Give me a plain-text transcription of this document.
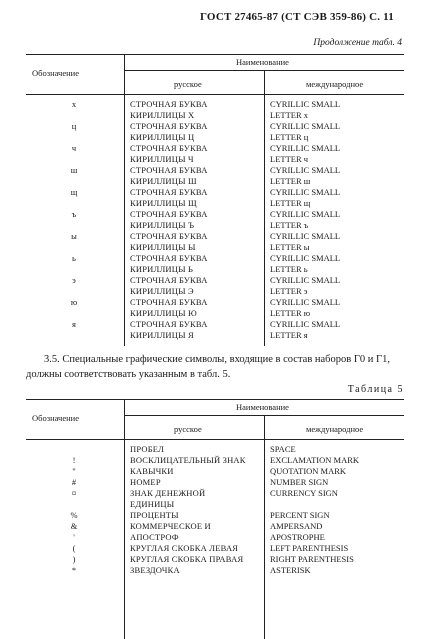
ГОСТ 27465-87 (СТ СЭВ 359-86) С. 11
Продолжение табл. 4
Обозначение
Наименование
русское	международное
х	СТРОЧНАЯ БУКВА	CYRILLIC SMALL
КИРИЛЛИЦЫ Х	LETTER x
ц	СТРОЧНАЯ БУКВА	CYRILLIC SMALL
КИРИЛЛИЦЫ Ц	LETTER ц
ч	СТРОЧНАЯ БУКВА	CYRILLIC SMALL
КИРИЛЛИЦЫ Ч	LETTER ч
ш	СТРОЧНАЯ БУКВА	CYRILLIC SMALL
КИРИЛЛИЦЫ Ш	LETTER ш
щ	СТРОЧНАЯ БУКВА	CYRILLIC SMALL
КИРИЛЛИЦЫ Щ	LETTER щ
ъ	СТРОЧНАЯ БУКВА	CYRILLIC SMALL
КИРИЛЛИЦЫ Ъ	LETTER ъ
ы	СТРОЧНАЯ БУКВА	CYRILLIC SMALL
КИРИЛЛИЦЫ Ы	LETTER ы
ь	СТРОЧНАЯ БУКВА	CYRILLIC SMALL
КИРИЛЛИЦЫ Ь	LETTER ь
э	СТРОЧНАЯ БУКВА	CYRILLIC SMALL
КИРИЛЛИЦЫ Э	LETTER э
ю	СТРОЧНАЯ БУКВА	CYRILLIC SMALL
КИРИЛЛИЦЫ Ю	LETTER ю
я	СТРОЧНАЯ БУКВА	CYRILLIC SMALL
КИРИЛЛИЦЫ Я	LETTER я

3.5. Специальные графические символы, входящие в состав наборов Г0 и Г1, должны соответствовать указанным в табл. 5.

Таблица 5
Обозначение
Наименование
русское	международное
ПРОБЕЛ	SPACE
!	ВОСКЛИЦАТЕЛЬНЫЙ ЗНАК	EXCLAMATION MARK
"	КАВЫЧКИ	QUOTATION MARK
#	НОМЕР	NUMBER SIGN
¤	ЗНАК ДЕНЕЖНОЙ	CURRENCY SIGN
ЕДИНИЦЫ
%	ПРОЦЕНТЫ	PERCENT SIGN
&	КОММЕРЧЕСКОЕ И	AMPERSAND
'	АПОСТРОФ	APOSTROPHE
(	КРУГЛАЯ СКОБКА ЛЕВАЯ	LEFT PARENTHESIS
)	КРУГЛАЯ СКОБКА ПРАВАЯ	RIGHT PARENTHESIS
*	ЗВЕЗДОЧКА	ASTERISK
